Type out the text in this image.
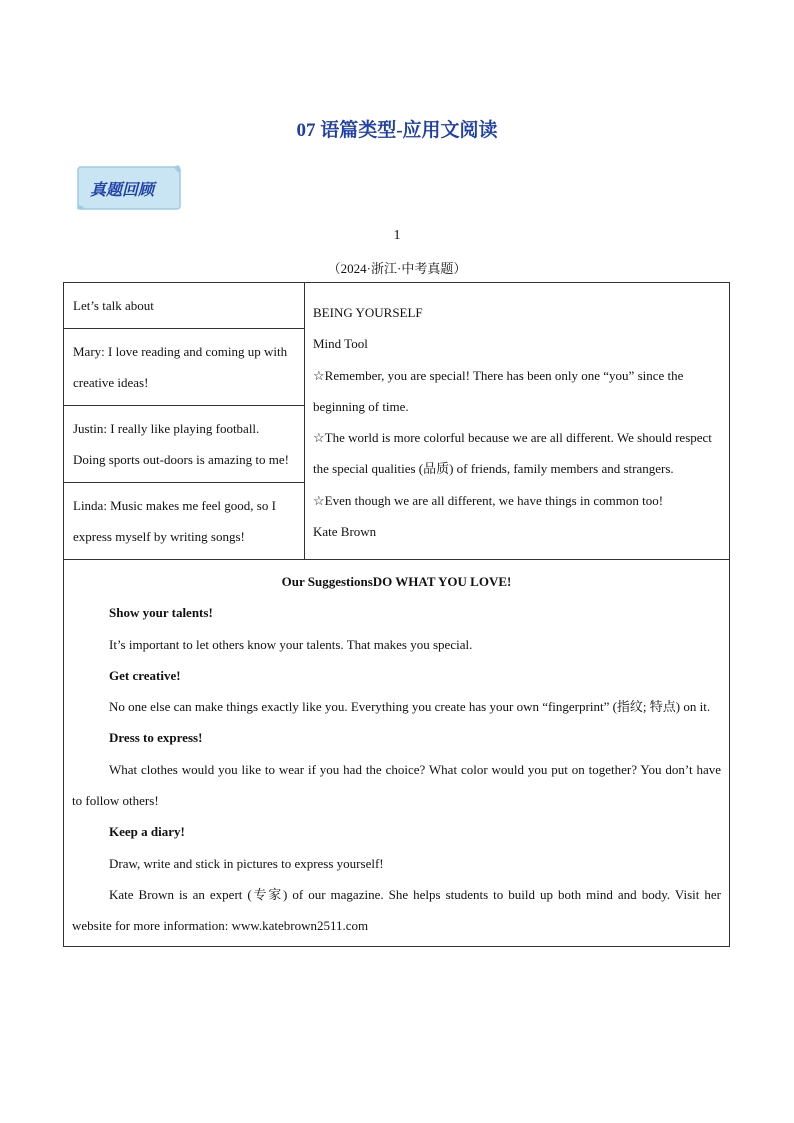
07 语篇类型-应用文阅读
真题回顾
1
（2024·浙江·中考真题）
Let’s talk about
Mary: I love reading and coming up with creative ideas!
Justin: I really like playing football. Doing sports out-doors is amazing to me!
Linda: Music makes me feel good, so I express myself by writing songs!

BEING YOURSELF
Mind Tool
☆Remember, you are special! There has been only one “you” since the beginning of time.
☆The world is more colorful because we are all different. We should respect the special qualities (品质) of friends, family members and strangers.
☆Even though we are all different, we have things in common too!
Kate Brown

Our SuggestionsDO WHAT YOU LOVE!
Show your talents!
It’s important to let others know your talents. That makes you special.
Get creative!
No one else can make things exactly like you. Everything you create has your own “fingerprint” (指纹; 特点) on it.
Dress to express!
What clothes would you like to wear if you had the choice? What color would you put on together? You don’t have to follow others!
Keep a diary!
Draw, write and stick in pictures to express yourself!
Kate Brown is an expert (专家) of our magazine. She helps students to build up both mind and body. Visit her website for more information: www.katebrown2511.com
